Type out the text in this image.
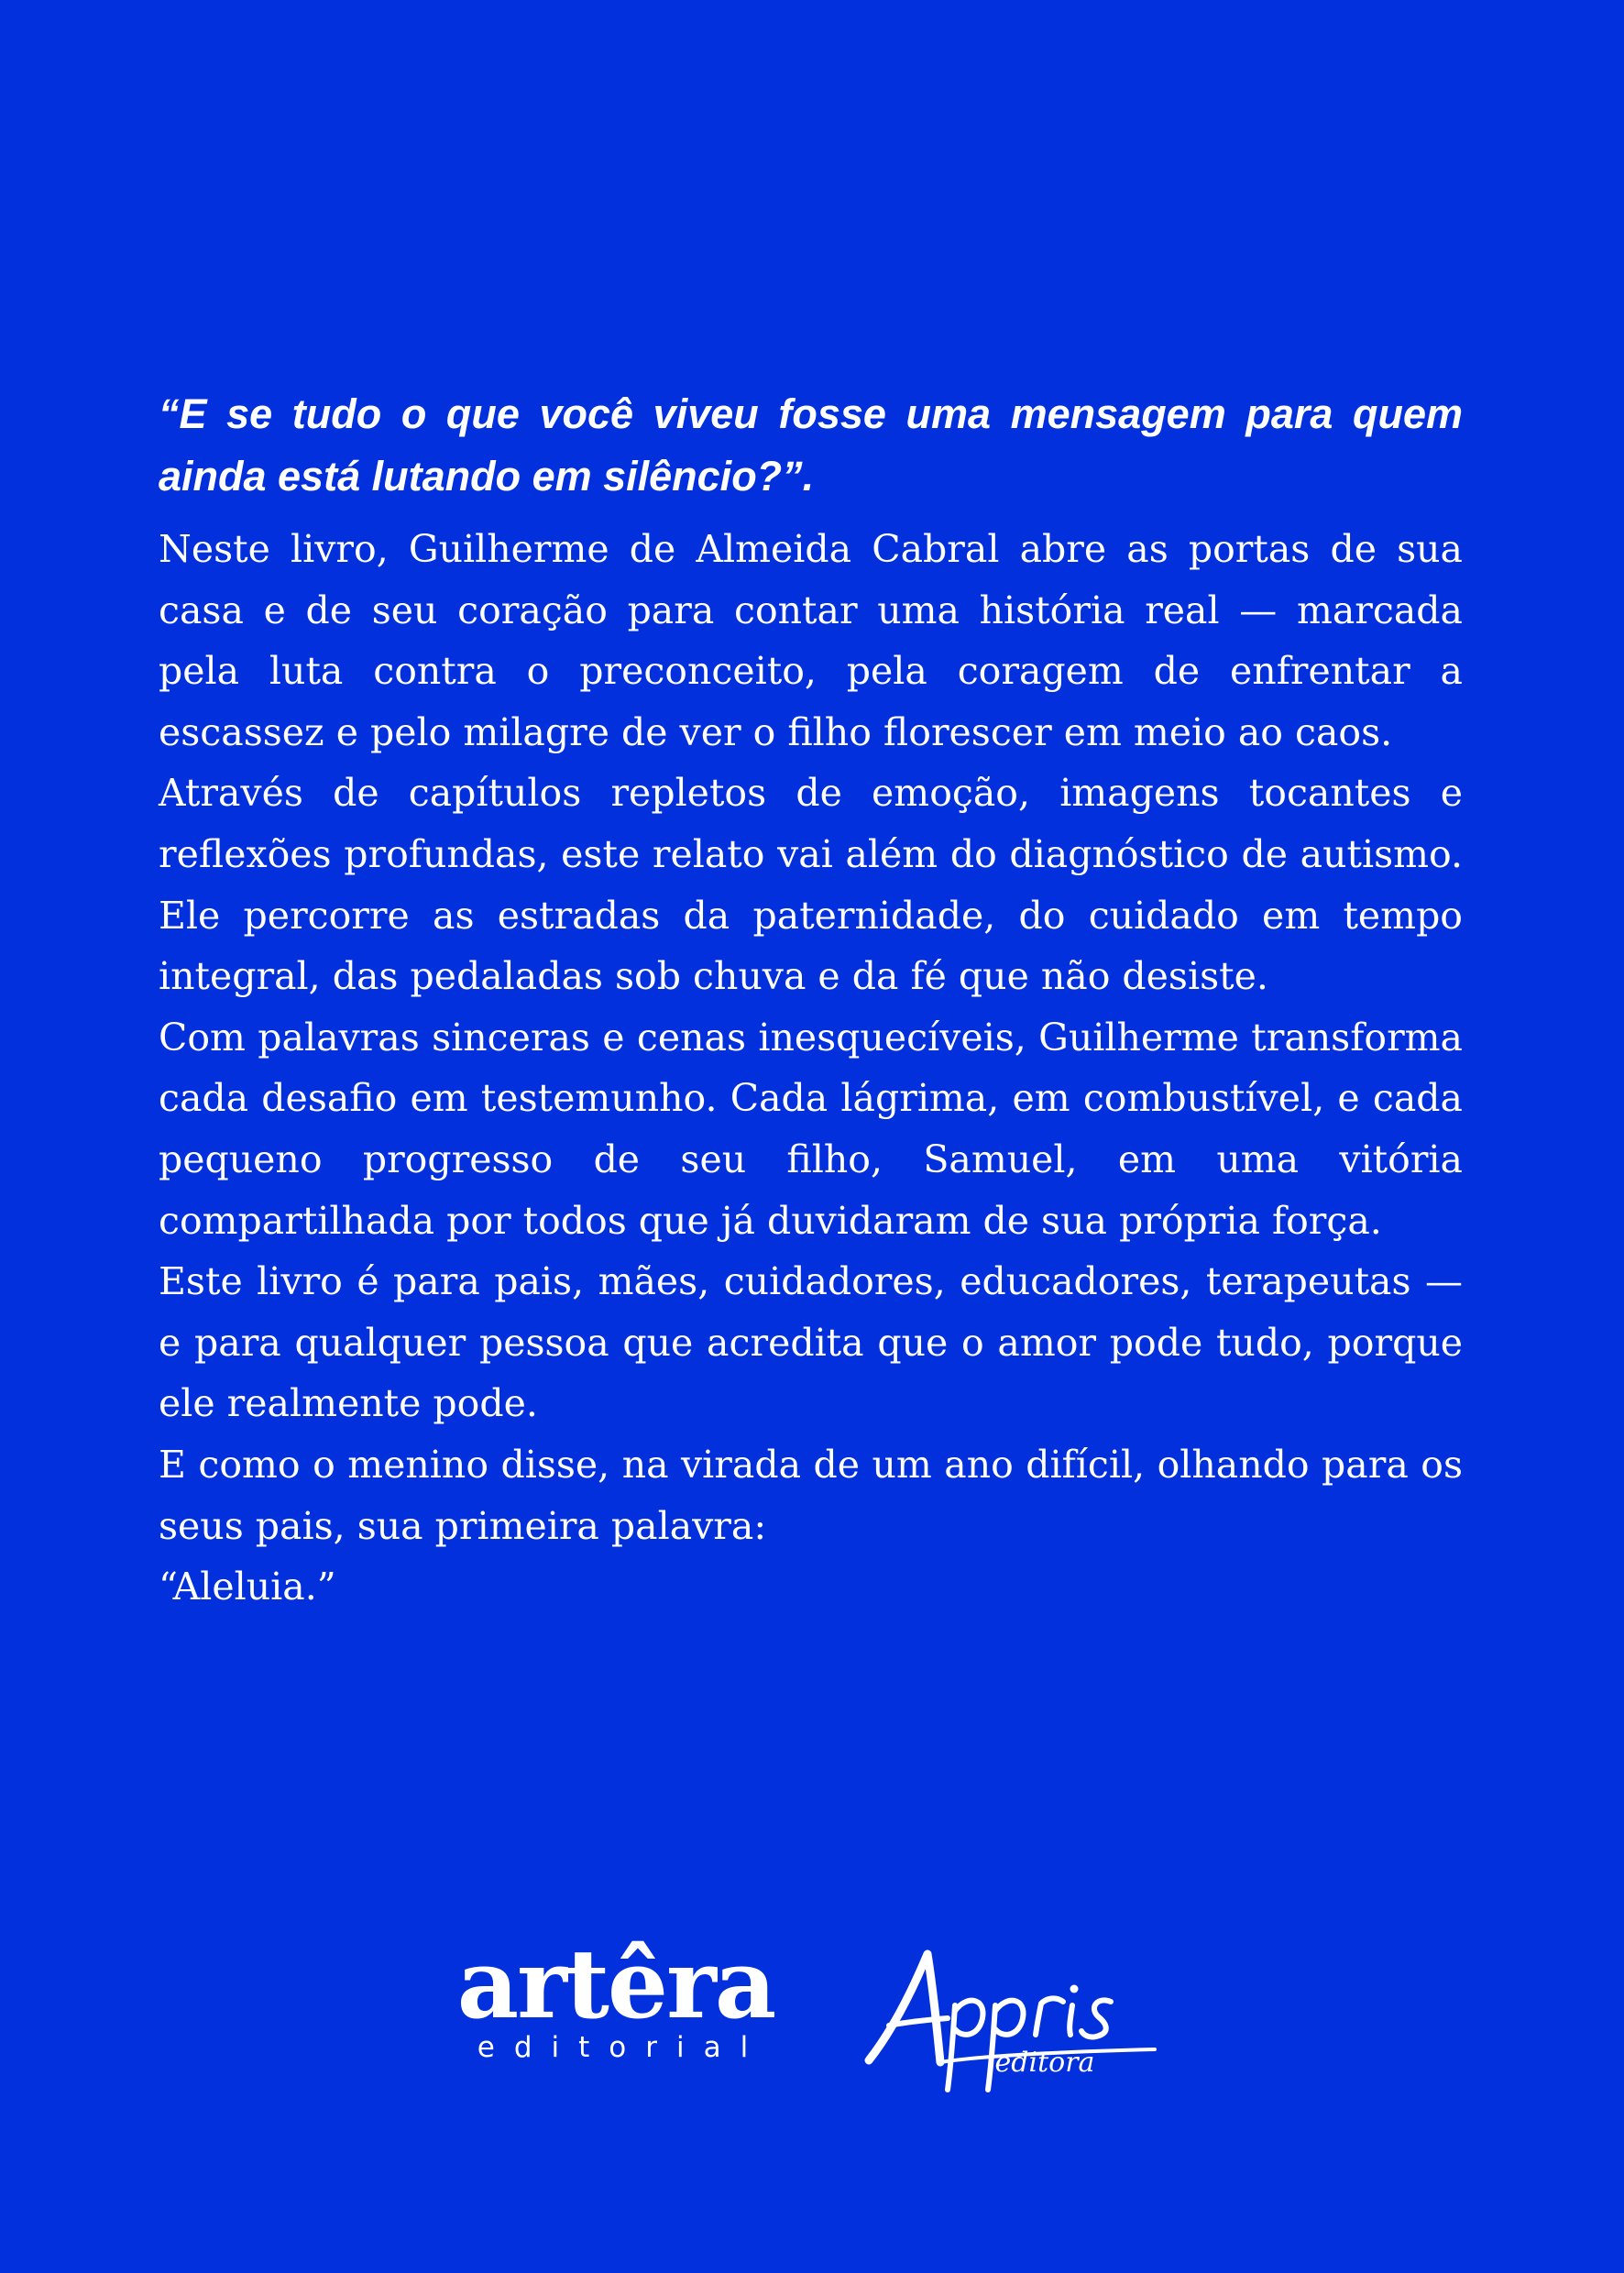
“E se tudo o que você viveu fosse uma mensagem para quem ainda está lutando em silêncio?”.

Neste livro, Guilherme de Almeida Cabral abre as portas de sua casa e de seu coração para contar uma história real — marcada pela luta contra o preconceito, pela coragem de enfrentar a escassez e pelo milagre de ver o filho florescer em meio ao caos.

Através de capítulos repletos de emoção, imagens tocantes e reflexões profundas, este relato vai além do diagnóstico de autismo. Ele percorre as estradas da paternidade, do cuidado em tempo integral, das pedaladas sob chuva e da fé que não desiste.

Com palavras sinceras e cenas inesquecíveis, Guilherme transforma cada desafio em testemunho. Cada lágrima, em combustível, e cada pequeno progresso de seu filho, Samuel, em uma vitória compartilhada por todos que já duvidaram de sua própria força.

Este livro é para pais, mães, cuidadores, educadores, terapeutas — e para qualquer pessoa que acredita que o amor pode tudo, porque ele realmente pode.

E como o menino disse, na virada de um ano difícil, olhando para os seus pais, sua primeira palavra:

“Aleluia.”

artêra
editorial	editora
